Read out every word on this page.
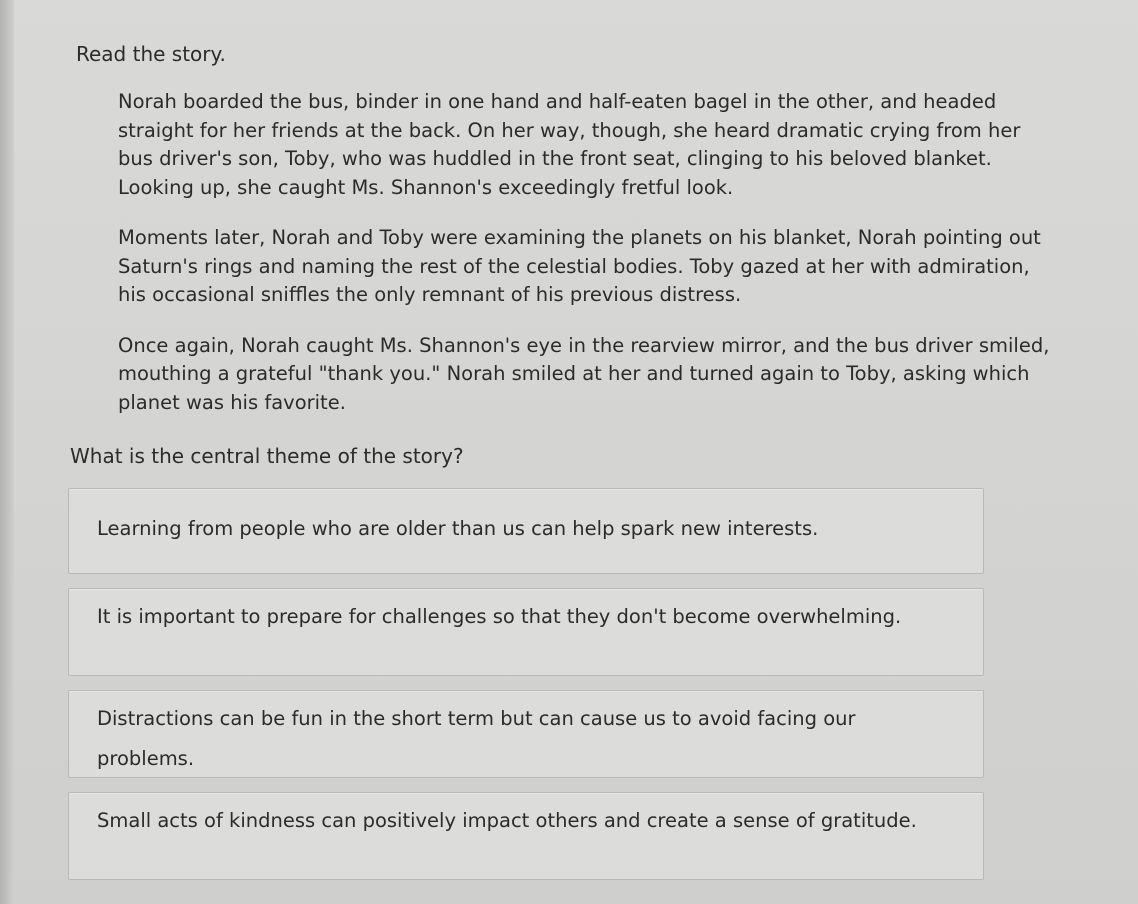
Read the story.

Norah boarded the bus, binder in one hand and half-eaten bagel in the other, and headed straight for her friends at the back. On her way, though, she heard dramatic crying from her bus driver's son, Toby, who was huddled in the front seat, clinging to his beloved blanket. Looking up, she caught Ms. Shannon's exceedingly fretful look.

Moments later, Norah and Toby were examining the planets on his blanket, Norah pointing out Saturn's rings and naming the rest of the celestial bodies. Toby gazed at her with admiration, his occasional sniffles the only remnant of his previous distress.

Once again, Norah caught Ms. Shannon's eye in the rearview mirror, and the bus driver smiled, mouthing a grateful "thank you." Norah smiled at her and turned again to Toby, asking which planet was his favorite.

What is the central theme of the story?

Learning from people who are older than us can help spark new interests.
It is important to prepare for challenges so that they don't become overwhelming.
Distractions can be fun in the short term but can cause us to avoid facing our problems.
Small acts of kindness can positively impact others and create a sense of gratitude.
